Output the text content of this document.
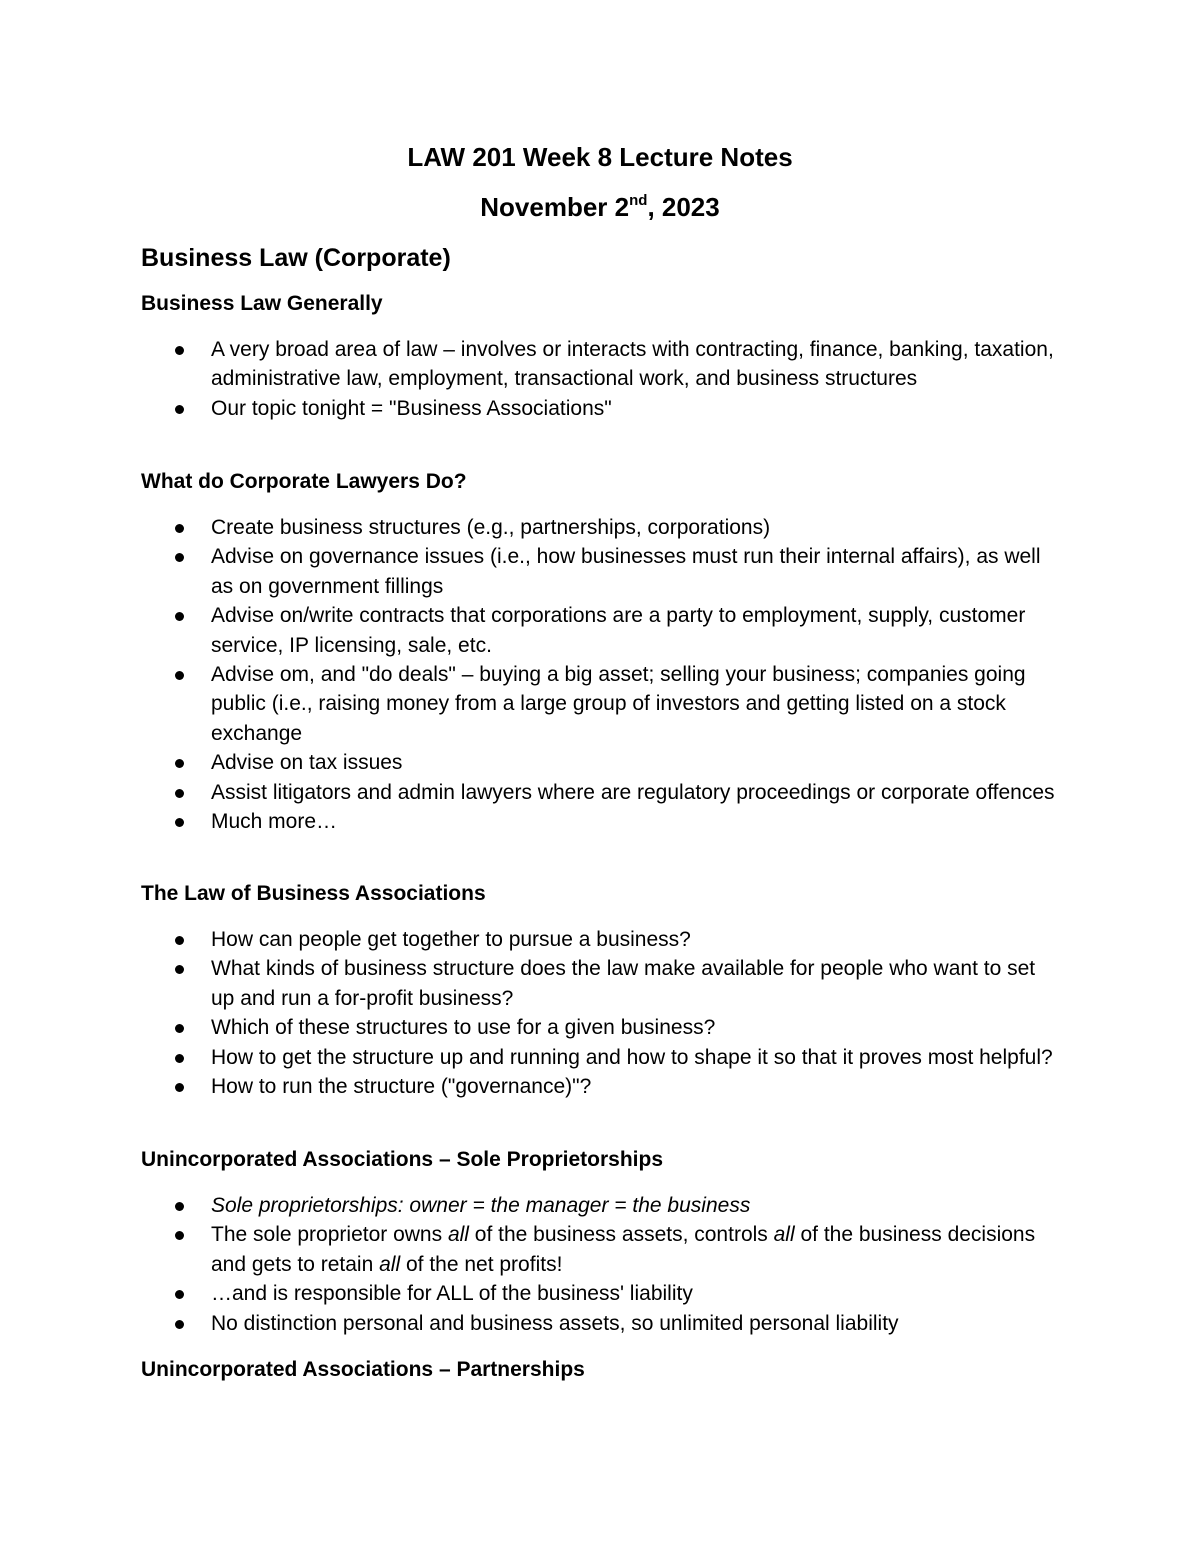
LAW 201 Week 8 Lecture Notes
November 2nd, 2023
Business Law (Corporate)
Business Law Generally
A very broad area of law – involves or interacts with contracting, finance, banking, taxation, administrative law, employment, transactional work, and business structures
Our topic tonight = "Business Associations"
What do Corporate Lawyers Do?
Create business structures (e.g., partnerships, corporations)
Advise on governance issues (i.e., how businesses must run their internal affairs), as well as on government fillings
Advise on/write contracts that corporations are a party to employment, supply, customer service, IP licensing, sale, etc.
Advise om, and "do deals" – buying a big asset; selling your business; companies going public (i.e., raising money from a large group of investors and getting listed on a stock exchange
Advise on tax issues
Assist litigators and admin lawyers where are regulatory proceedings or corporate offences
Much more…
The Law of Business Associations
How can people get together to pursue a business?
What kinds of business structure does the law make available for people who want to set up and run a for-profit business?
Which of these structures to use for a given business?
How to get the structure up and running and how to shape it so that it proves most helpful?
How to run the structure ("governance)"?
Unincorporated Associations – Sole Proprietorships
Sole proprietorships: owner = the manager = the business
The sole proprietor owns all of the business assets, controls all of the business decisions and gets to retain all of the net profits!
…and is responsible for ALL of the business' liability
No distinction personal and business assets, so unlimited personal liability
Unincorporated Associations – Partnerships
